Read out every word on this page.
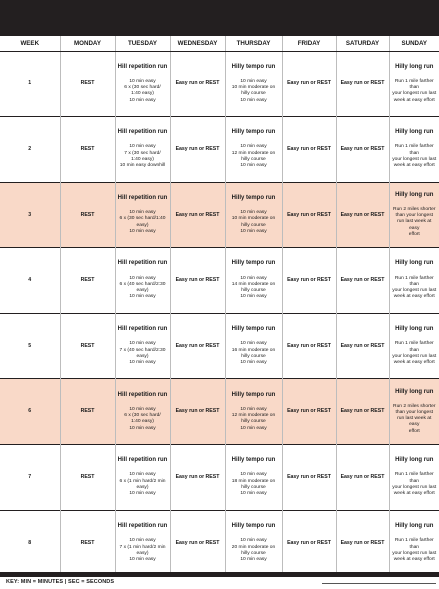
WEEK	MONDAY	TUESDAY	WEDNESDAY	THURSDAY	FRIDAY	SATURDAY	SUNDAY
1	REST	Hill repetition run
10 min easy
6 x (30 sec hard/
1:40 easy)
10 min easy	Easy run or REST	Hilly tempo run
10 min easy
10 min moderate on
hilly course
10 min easy	Easy run or REST	Easy run or REST	Hilly long run
Run 1 mile farther than
your longest run last
week at easy effort

2	REST	Hill repetition run
10 min easy
7 x (30 sec hard/
1:40 easy)
10 min easy downhill	Easy run or REST	Hilly tempo run
10 min easy
12 min moderate on
hilly course
10 min easy	Easy run or REST	Easy run or REST	Hilly long run
Run 1 mile farther than
your longest run last
week at easy effort

3	REST	Hill repetition run
10 min easy
6 x (30 sec hard/1:40
easy)
10 min easy	Easy run or REST	Hilly tempo run
10 min easy
10 min moderate on
hilly course
10 min easy	Easy run or REST	Easy run or REST	Hilly long run
Run 2 miles shorter
than your longest
run last week at easy
effort

4	REST	Hill repetition run
10 min easy
6 x (40 sec hard/2:30
easy)
10 min easy	Easy run or REST	Hilly tempo run
10 min easy
14 min moderate on
hilly course
10 min easy	Easy run or REST	Easy run or REST	Hilly long run
Run 1 mile farther than
your longest run last
week at easy effort

5	REST	Hill repetition run
10 min easy
7 x (40 sec hard/2:30
easy)
10 min easy	Easy run or REST	Hilly tempo run
10 min easy
16 min moderate on
hilly course
10 min easy	Easy run or REST	Easy run or REST	Hilly long run
Run 1 mile farther than
your longest run last
week at easy effort

6	REST	Hill repetition run
10 min easy
6 x (30 sec hard/
1:40 easy)
10 min easy	Easy run or REST	Hilly tempo run
10 min easy
12 min moderate on
hilly course
10 min easy	Easy run or REST	Easy run or REST	Hilly long run
Run 2 miles shorter
than your longest
run last week at easy
effort

7	REST	Hill repetition run
10 min easy
6 x (1 min hard/2 min
easy)
10 min easy	Easy run or REST	Hilly tempo run
10 min easy
18 min moderate on
hilly course
10 min easy	Easy run or REST	Easy run or REST	Hilly long run
Run 1 mile farther than
your longest run last
week at easy effort

8	REST	Hill repetition run
10 min easy
7 x (1 min hard/2 min
easy)
10 min easy	Easy run or REST	Hilly tempo run
10 min easy
20 min moderate on
hilly course
10 min easy	Easy run or REST	Easy run or REST	Hilly long run
Run 1 mile farther than
your longest run last
week at easy effort
KEY: MIN = MINUTES | SEC = SECONDS
